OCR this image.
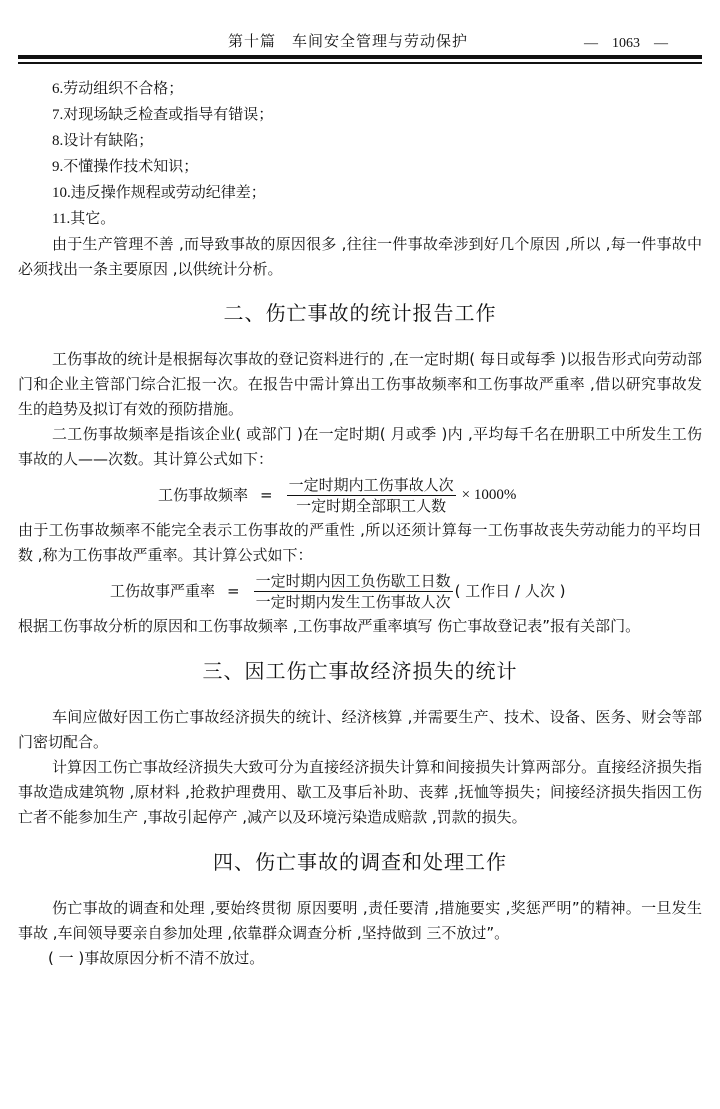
第十篇　车间安全管理与劳动保护	—　1063　—
6.劳动组织不合格；
7.对现场缺乏检查或指导有错误；
8.设计有缺陷；
9.不懂操作技术知识；
10.违反操作规程或劳动纪律差；
11.其它。

由于生产管理不善 ,而导致事故的原因很多 ,往往一件事故牵涉到好几个原因 ,所以 ,每一件事故中必须找出一条主要原因 ,以供统计分析。

二、伤亡事故的统计报告工作

工伤事故的统计是根据每次事故的登记资料进行的 ,在一定时期( 每日或每季 )以报告形式向劳动部门和企业主管部门综合汇报一次。在报告中需计算出工伤事故频率和工伤事故严重率 ,借以研究事故发生的趋势及拟订有效的预防措施。

二工伤事故频率是指该企业( 或部门 )在一定时期( 月或季 )内 ,平均每千名在册职工中所发生工伤事故的人——次数。其计算公式如下：

工伤事故频率 = $\frac{\text{一定时期内工伤事故人次}}{\text{一定时期全部职工人数}} \times 1000\%$

由于工伤事故频率不能完全表示工伤事故的严重性 ,所以还须计算每一工伤事故丧失劳动能力的平均日数 ,称为工伤事故严重率。其计算公式如下：

工伤故事严重率 = $\frac{\text{一定时期内因工负伤歇工日数}}{\text{一定时期内发生工伤事故人次}}$ ( 工作日 / 人次 )

根据工伤事故分析的原因和工伤事故频率 ,工伤事故严重率填写 伤亡事故登记表”报有关部门。

三、因工伤亡事故经济损失的统计

车间应做好因工伤亡事故经济损失的统计、经济核算 ,并需要生产、技术、设备、医务、财会等部门密切配合。

计算因工伤亡事故经济损失大致可分为直接经济损失计算和间接损失计算两部分。直接经济损失指事故造成建筑物 ,原材料 ,抢救护理费用、歇工及事后补助、丧葬 ,抚恤等损失；间接经济损失指因工伤亡者不能参加生产 ,事故引起停产 ,减产以及环境污染造成赔款 ,罚款的损失。

四、伤亡事故的调查和处理工作

伤亡事故的调查和处理 ,要始终贯彻 原因要明 ,责任要清 ,措施要实 ,奖惩严明”的精神。一旦发生事故 ,车间领导要亲自参加处理 ,依靠群众调查分析 ,坚持做到 三不放过”。

( 一 )事故原因分析不清不放过。
